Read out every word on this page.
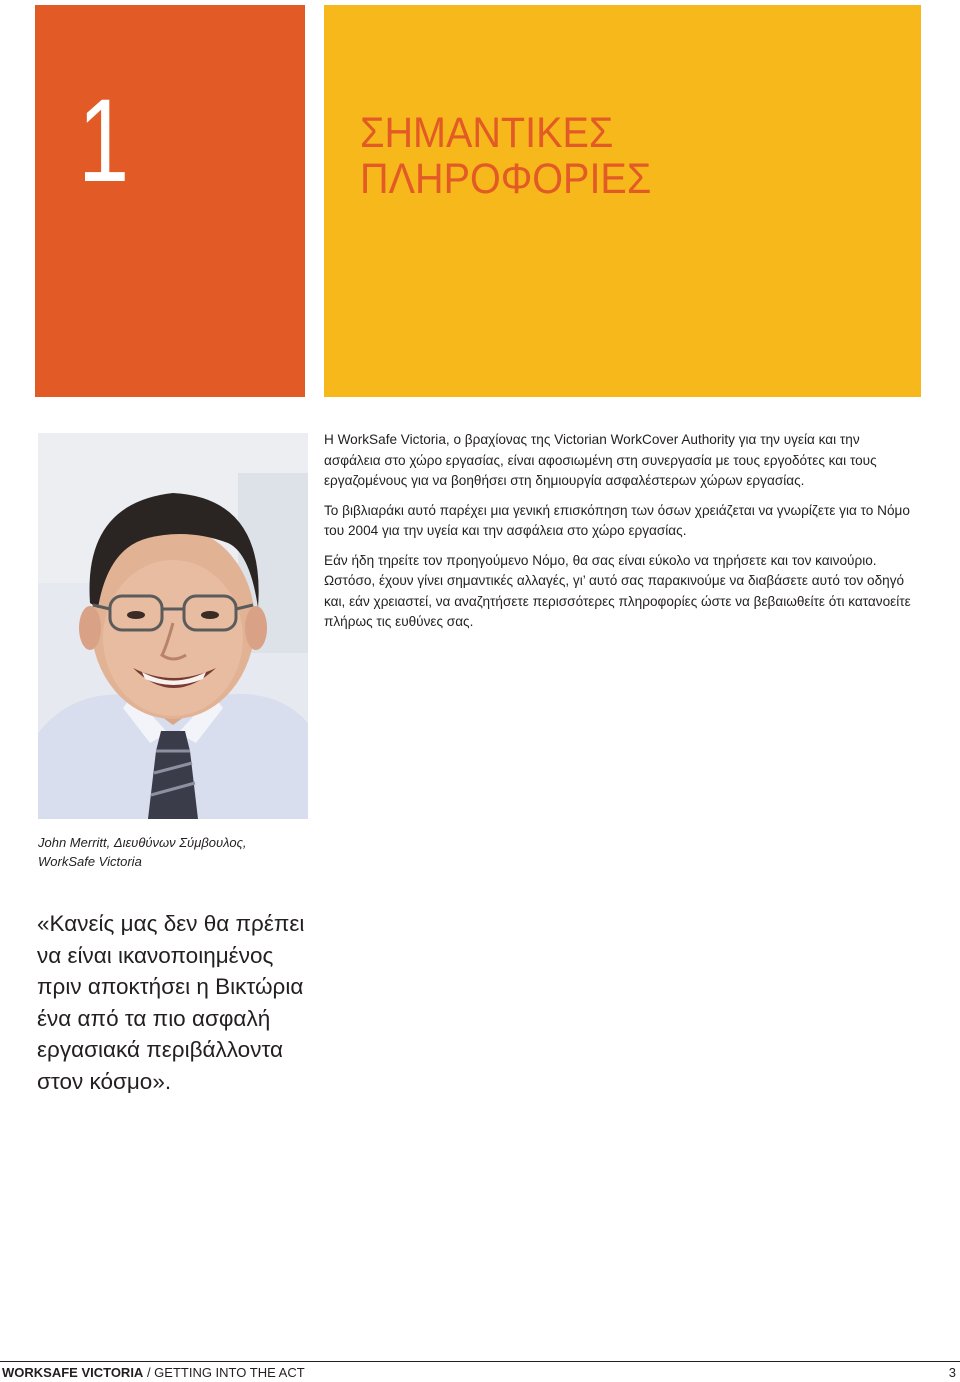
1	ΣΗΜΑΝΤΙΚΕΣ
ΠΛΗΡΟΦΟΡΙΕΣ
John Merritt, Διευθύνων Σύμβουλος,
WorkSafe Victoria
«Κανείς μας δεν θα πρέπει
να είναι ικανοποιημένος
πριν αποκτήσει η Βικτώρια
ένα από τα πιο ασφαλή
εργασιακά περιβάλλοντα
στον κόσμο».

Η WorkSafe Victoria, ο βραχίονας της Victorian WorkCover Authority για την υγεία και την ασφάλεια στο χώρο εργασίας, είναι αφοσιωμένη στη συνεργασία με τους εργοδότες και τους εργαζομένους για να βοηθήσει στη δημιουργία ασφαλέστερων χώρων εργασίας.

Το βιβλιαράκι αυτό παρέχει μια γενική επισκόπηση των όσων χρειάζεται να γνωρίζετε για το Νόμο του 2004 για την υγεία και την ασφάλεια στο χώρο εργασίας.

Εάν ήδη τηρείτε τον προηγούμενο Νόμο, θα σας είναι εύκολο να τηρήσετε και τον καινούριο. Ωστόσο, έχουν γίνει σημαντικές αλλαγές, γι’ αυτό σας παρακινούμε να διαβάσετε αυτό τον οδηγό και, εάν χρειαστεί, να αναζητήσετε περισσότερες πληροφορίες ώστε να βεβαιωθείτε ότι κατανοείτε πλήρως τις ευθύνες σας.

WORKSAFE VICTORIA / GETTING INTO THE ACT	3
